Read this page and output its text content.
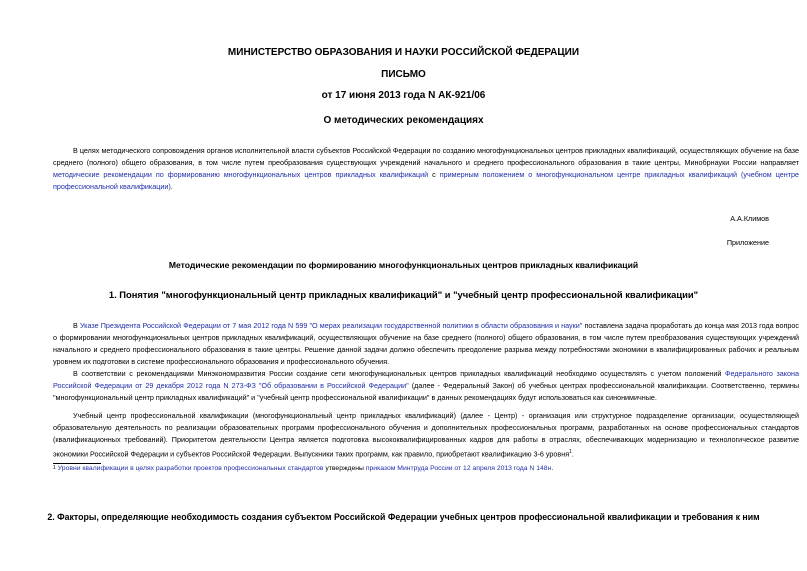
МИНИСТЕРСТВО ОБРАЗОВАНИЯ И НАУКИ РОССИЙСКОЙ ФЕДЕРАЦИИ
ПИСЬМО
от 17 июня 2013 года N АК-921/06
О методических рекомендациях
В целях методического сопровождения органов исполнительной власти субъектов Российской Федерации по созданию многофункциональных центров прикладных квалификаций, осуществляющих обучение на базе среднего (полного) общего образования, в том числе путем преобразования существующих учреждений начального и среднего профессионального образования в такие центры, Минобрнауки России направляет методические рекомендации по формированию многофункциональных центров прикладных квалификаций с примерным положением о многофункциональном центре прикладных квалификаций (учебном центре профессиональной квалификации).
А.А.Климов
Приложение
Методические рекомендации по формированию многофункциональных центров прикладных квалификаций
1. Понятия "многофункциональный центр прикладных квалификаций" и "учебный центр профессиональной квалификации"
В Указе Президента Российской Федерации от 7 мая 2012 года N 599 "О мерах реализации государственной политики в области образования и науки" поставлена задача проработать до конца мая 2013 года вопрос о формировании многофункциональных центров прикладных квалификаций, осуществляющих обучение на базе среднего (полного) общего образования, в том числе путем преобразования существующих учреждений начального и среднего профессионального образования в такие центры. Решение данной задачи должно обеспечить преодоление разрыва между потребностями экономики в квалифицированных рабочих и реальным уровнем их подготовки в системе профессионального образования и профессионального обучения.
В соответствии с рекомендациями Минэкономразвития России создание сети многофункциональных центров прикладных квалификаций необходимо осуществлять с учетом положений Федерального закона Российской Федерации от 29 декабря 2012 года N 273-ФЗ "Об образовании в Российской Федерации" (далее - Федеральный Закон) об учебных центрах профессиональной квалификации. Соответственно, термины "многофункциональный центр прикладных квалификаций" и "учебный центр профессиональной квалификации" в данных рекомендациях будут использоваться как синонимичные.
Учебный центр профессиональной квалификации (многофункциональный центр прикладных квалификаций) (далее - Центр) - организация или структурное подразделение организации, осуществляющей образовательную деятельность по реализации образовательных программ профессионального обучения и дополнительных профессиональных программ, разработанных на основе профессиональных стандартов (квалификационных требований). Приоритетом деятельности Центра является подготовка высококвалифицированных кадров для работы в отраслях, обеспечивающих модернизацию и технологическое развитие экономики Российской Федерации и субъектов Российской Федерации. Выпускники таких программ, как правило, приобретают квалификацию 3-6 уровня$^1$.
$^1$ Уровни квалификации в целях разработки проектов профессиональных стандартов утверждены приказом Минтруда России от 12 апреля 2013 года N 148н.
2. Факторы, определяющие необходимость создания субъектом Российской Федерации учебных центров профессиональной квалификации и требования к ним
